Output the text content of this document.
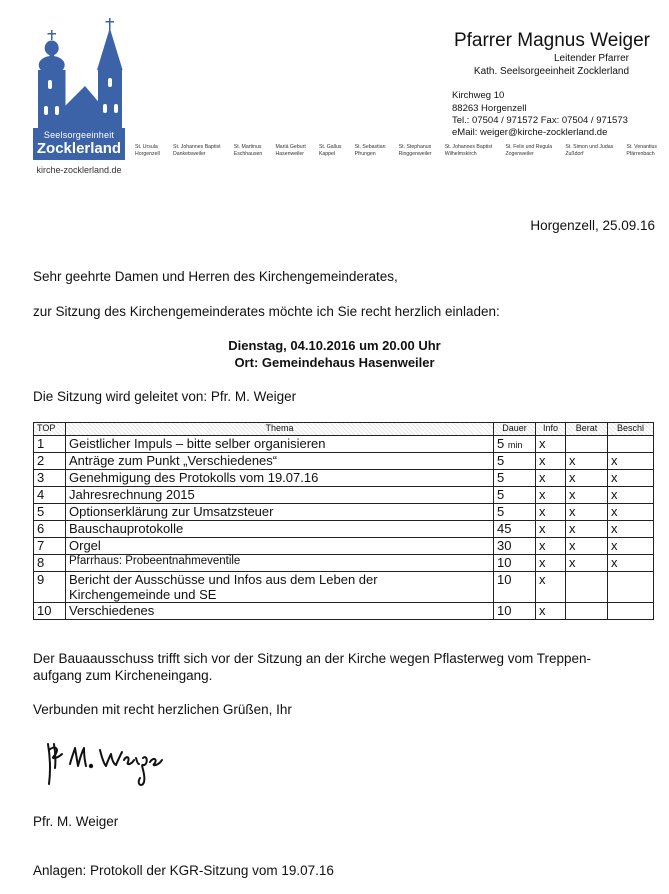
Seelsorgeeinheit
Zocklerland
kirche-zocklerland.de
Pfarrer Magnus Weiger
Leitender Pfarrer
Kath. Seelsorgeeinheit Zocklerland
Kirchweg 10
88263 Horgenzell
Tel.: 07504 / 971572 Fax: 07504 / 971573
eMail: weiger@kirche-zocklerland.de
St. Ursula
Horgenzell
St. Johannes Baptist
Danketsweiler
St. Martinus
Eschhausen
Mariä Geburt
Hasenweiler
St. Gallus
Kappel
St. Sebastian
Pfrungen
St. Stephanus
Ringgenweiler
St. Johannes Baptist
Wilhelmskirch
St. Felix und Regula
Zogenweiler
St. Simon und Judas
Zußdorf
St. Venantius
Pfärrenbach
Horgenzell, 25.09.16
Sehr geehrte Damen und Herren des Kirchengemeinderates,
zur Sitzung des Kirchengemeinderates möchte ich Sie recht herzlich einladen:
Dienstag, 04.10.2016 um 20.00 Uhr
Ort: Gemeindehaus Hasenweiler
Die Sitzung wird geleitet von: Pfr. M. Weiger
TOP	Thema	Dauer	Info	Berat	Beschl
1	Geistlicher Impuls – bitte selber organisieren	5 min	x		
2	Anträge zum Punkt „Verschiedenes“	5	x	x	x
3	Genehmigung des Protokolls vom 19.07.16	5	x	x	x
4	Jahresrechnung 2015	5	x	x	x
5	Optionserklärung zur Umsatzsteuer	5	x	x	x
6	Bauschauprotokolle	45	x	x	x
7	Orgel	30	x	x	x
8	Pfarrhaus: Probeentnahmeventile	10	x	x	x
9	Bericht der Ausschüsse und Infos aus dem Leben der
Kirchengemeinde und SE	10	x		
10	Verschiedenes	10	x		
Der Bauaausschuss trifft sich vor der Sitzung an der Kirche wegen Pflasterweg vom Treppen-
aufgang zum Kircheneingang.
Verbunden mit recht herzlichen Grüßen, Ihr
Pfr. M. Weiger
Anlagen: Protokoll der KGR-Sitzung vom 19.07.16
